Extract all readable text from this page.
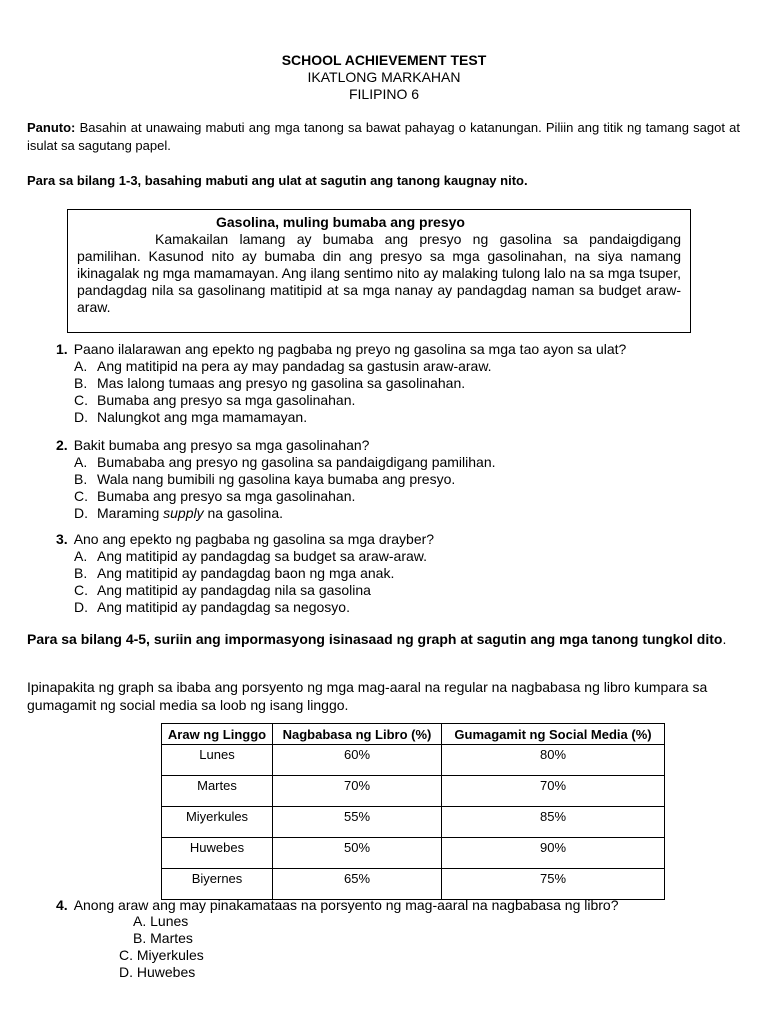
SCHOOL ACHIEVEMENT TEST
IKATLONG MARKAHAN
FILIPINO 6
Panuto: Basahin at unawaing mabuti ang mga tanong sa bawat pahayag o katanungan. Piliin ang titik ng tamang sagot at isulat sa sagutang papel.
Para sa bilang 1-3, basahing mabuti ang ulat at sagutin ang tanong kaugnay nito.
Gasolina, muling bumaba ang presyo
Kamakailan lamang ay bumaba ang presyo ng gasolina sa pandaigdigang pamilihan. Kasunod nito ay bumaba din ang presyo sa mga gasolinahan, na siya namang ikinagalak ng mga mamamayan. Ang ilang sentimo nito ay malaking tulong lalo na sa mga tsuper, pandagdag nila sa gasolinang matitipid at sa mga nanay ay pandagdag naman sa budget araw-araw.
1. Paano ilalarawan ang epekto ng pagbaba ng preyo ng gasolina sa mga tao ayon sa ulat?
A. Ang matitipid na pera ay may pandadag sa gastusin araw-araw.
B. Mas lalong tumaas ang presyo ng gasolina sa gasolinahan.
C. Bumaba ang presyo sa mga gasolinahan.
D. Nalungkot ang mga mamamayan.
2. Bakit bumaba ang presyo sa mga gasolinahan?
A. Bumababa ang presyo ng gasolina sa pandaigdigang pamilihan.
B. Wala nang bumibili ng gasolina kaya bumaba ang presyo.
C. Bumaba ang presyo sa mga gasolinahan.
D. Maraming supply na gasolina.
3. Ano ang epekto ng pagbaba ng gasolina sa mga drayber?
A. Ang matitipid ay pandagdag sa budget sa araw-araw.
B. Ang matitipid ay pandagdag baon ng mga anak.
C. Ang matitipid ay pandagdag nila sa gasolina
D. Ang matitipid ay pandagdag sa negosyo.
Para sa bilang 4-5, suriin ang impormasyong isinasaad ng graph at sagutin ang mga tanong tungkol dito.
Ipinapakita ng graph sa ibaba ang porsyento ng mga mag-aaral na regular na nagbabasa ng libro kumpara sa gumagamit ng social media sa loob ng isang linggo.
Araw ng Linggo	Nagbabasa ng Libro (%)	Gumagamit ng Social Media (%)
Lunes	60%	80%
Martes	70%	70%
Miyerkules	55%	85%
Huwebes	50%	90%
Biyernes	65%	75%
4. Anong araw ang may pinakamataas na porsyento ng mag-aaral na nagbabasa ng libro?
A. Lunes
B. Martes
C. Miyerkules
D. Huwebes
